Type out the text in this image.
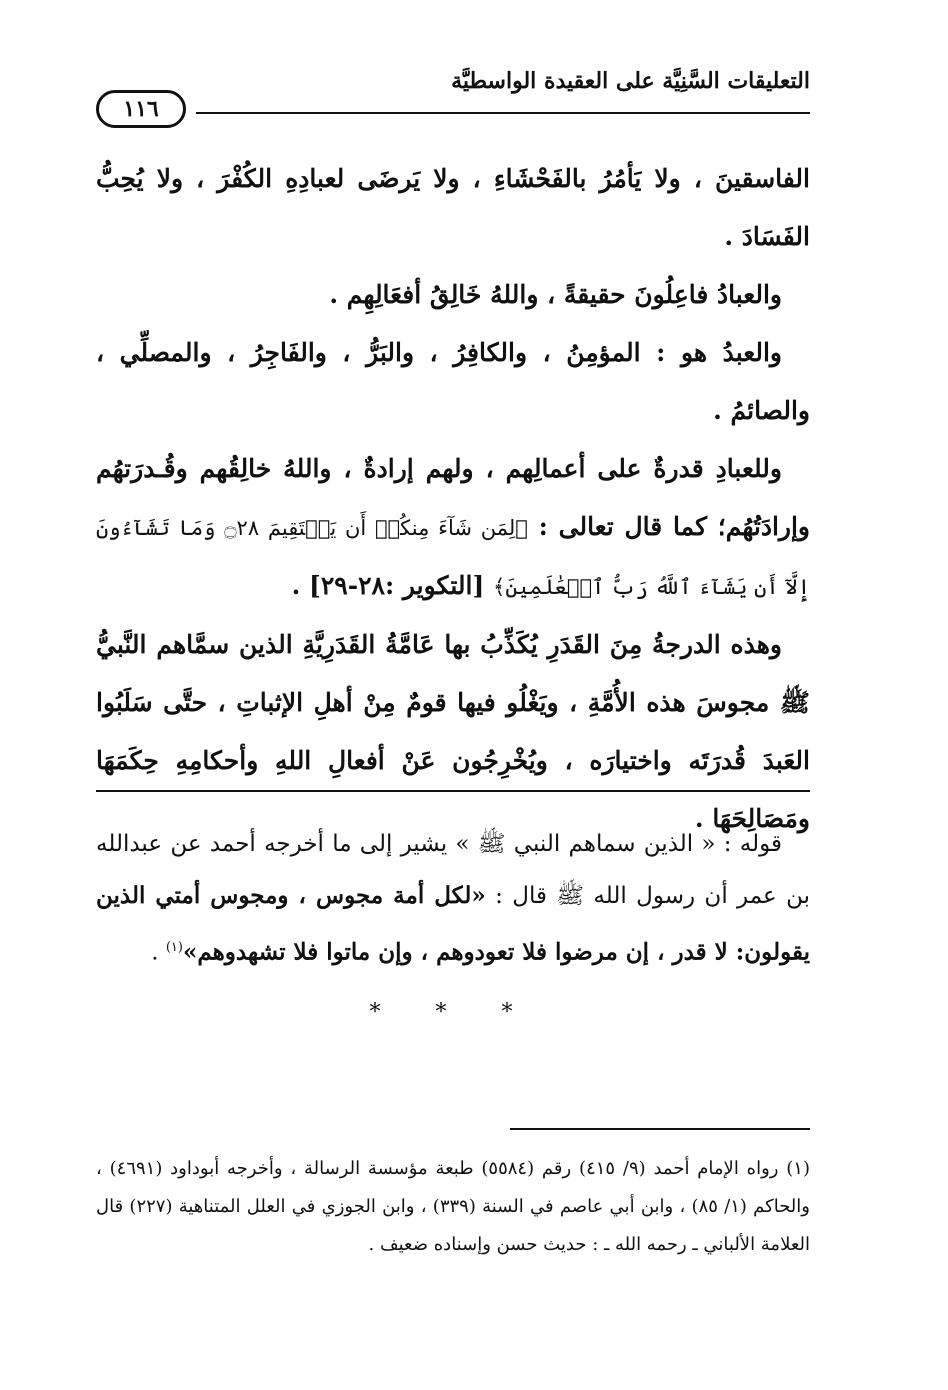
التعليقات السَّنِيَّة على العقيدة الواسطيَّة
١١٦

الفاسقينَ ، ولا يَأمُرُ بالفَحْشَاءِ ، ولا يَرضَى لعبادِهِ الكُفْرَ ، ولا يُحِبُّ الفَسَادَ .

والعبادُ فاعِلُونَ حقيقةً ، واللهُ خَالِقُ أفعَالِهِم .

والعبدُ هو : المؤمِنُ ، والكافِرُ ، والبَرُّ ، والفَاجِرُ ، والمصلِّي ، والصائمُ .

وللعبادِ قدرةٌ على أعمالِهم ، ولهم إرادةٌ ، واللهُ خالِقُهم وقُـدرَتهُم وإرادَتُهُم؛ كما قال تعالى : ﴿لِمَن شَآءَ مِنكُمۡ أَن يَسۡتَقِيمَ ۝٢٨ وَمَا تَشَآءُونَ إِلَّآ أَن يَشَآءَ ٱللَّهُ رَبُّ ٱلۡعَٰلَمِينَ﴾ [التكوير :٢٨-٢٩] .

وهذه الدرجةُ مِنَ القَدَرِ يُكَذِّبُ بها عَامَّةُ القَدَرِيَّةِ الذين سمَّاهم النَّبيُّ ﷺ مجوسَ هذه الأُمَّةِ ، ويَغْلُو فيها قومٌ مِنْ أهلِ الإثباتِ ، حتَّى سَلَبُوا العَبدَ قُدرَتَه واختيارَه ، ويُخْرِجُون عَنْ أفعالِ اللهِ وأحكامِهِ حِكَمَهَا ومَصَالِحَهَا .

قوله : « الذين سماهم النبي ﷺ » يشير إلى ما أخرجه أحمد عن عبدالله بن عمر أن رسول الله ﷺ قال : «لكل أمة مجوس ، ومجوس أمتي الذين يقولون: لا قدر ، إن مرضوا فلا تعودوهم ، وإن ماتوا فلا تشهدوهم»$^{(١)}$ .

* * *

(١) رواه الإمام أحمد (٩/ ٤١٥) رقم (٥٥٨٤) طبعة مؤسسة الرسالة ، وأخرجه أبوداود (٤٦٩١) ، والحاكم (١/ ٨٥) ، وابن أبي عاصم في السنة (٣٣٩) ، وابن الجوزي في العلل المتناهية (٢٢٧) قال العلامة الألباني ـ رحمه الله ـ : حديث حسن وإسناده ضعيف .
